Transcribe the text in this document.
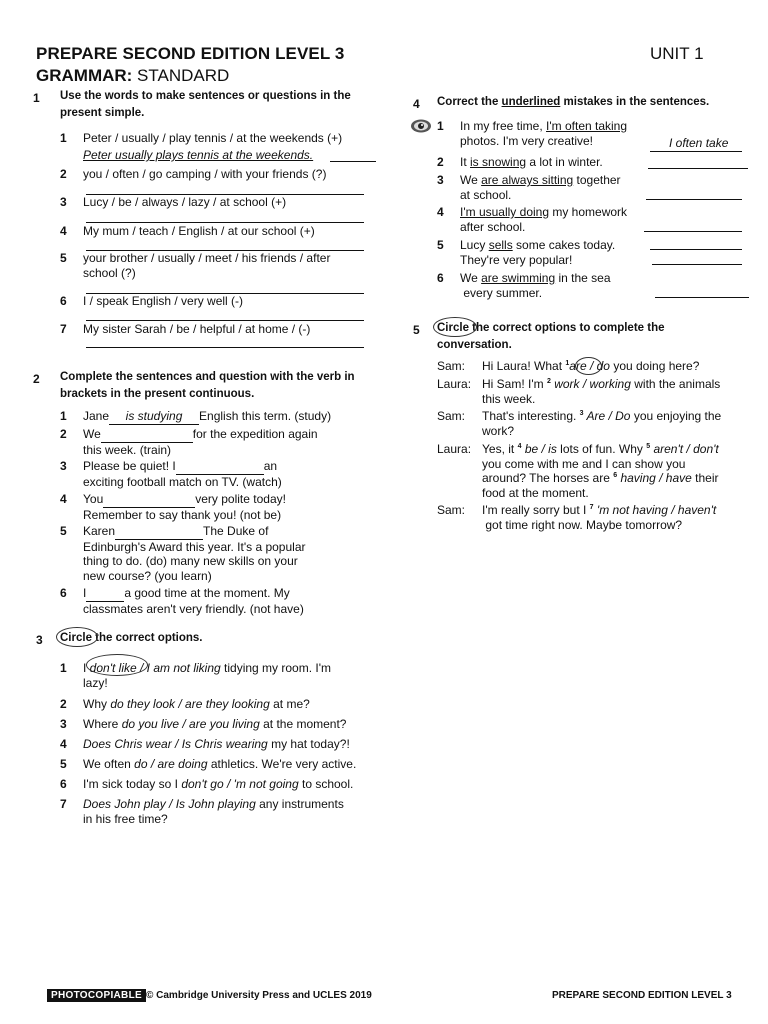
PREPARE SECOND EDITION LEVEL 3	UNIT 1
GRAMMAR: STANDARD
1 Use the words to make sentences or questions in the present simple.
1 Peter / usually / play tennis / at the weekends (+)
Peter usually plays tennis at the weekends.
2 you / often / go camping / with your friends (?)
3 Lucy / be / always / lazy / at school (+)
4 My mum / teach / English / at our school (+)
5 your brother / usually / meet / his friends / after school (?)
6 I / speak English / very well (-)
7 My sister Sarah / be / helpful / at home / (-)
2 Complete the sentences and question with the verb in brackets in the present continuous.
1 Jane is studying English this term. (study)
2 We	for the expedition again
this week. (train)
3 Please be quiet! I	an
exciting football match on TV. (watch)
4 You	very polite today!
Remember to say thank you! (not be)
5 Karen	The Duke of
Edinburgh's Award this year. It's a popular
thing to do. (do) many new skills on your
new course? (you learn)
6 I	a good time at the moment. My
classmates aren't very friendly. (not have)
3 Circle the correct options.
1 I don't like / I am not liking tidying my room. I'm
lazy!
2 Why do they look / are they looking at me?
3 Where do you live / are you living at the moment?
4 Does Chris wear / Is Chris wearing my hat today?!
5 We often do / are doing athletics. We're very active.
6 I'm sick today so I don't go / 'm not going to school.
7 Does John play / Is John playing any instruments
in his free time?
4 Correct the underlined mistakes in the sentences.
1 In my free time, I'm often taking
photos. I'm very creative!	I often take
2 It is snowing a lot in winter.
3 We are always sitting together
at school.
4 I'm usually doing my homework
after school.
5 Lucy sells some cakes today.
They're very popular!
6 We are swimming in the sea
every summer.
5 Circle the correct options to complete the conversation.
Sam: Hi Laura! What $^1$are / do you doing here?
Laura: Hi Sam! I'm $^2$ work / working with the animals
this week.
Sam: That's interesting. $^3$ Are / Do you enjoying the
work?
Laura: Yes, it $^4$ be / is lots of fun. Why $^5$ aren't / don't
you come with me and I can show you
around? The horses are $^6$ having / have their
food at the moment.
Sam: I'm really sorry but I $^7$ 'm not having / haven't
got time right now. Maybe tomorrow?
PHOTOCOPIABLE © Cambridge University Press and UCLES 2019	PREPARE SECOND EDITION LEVEL 3
